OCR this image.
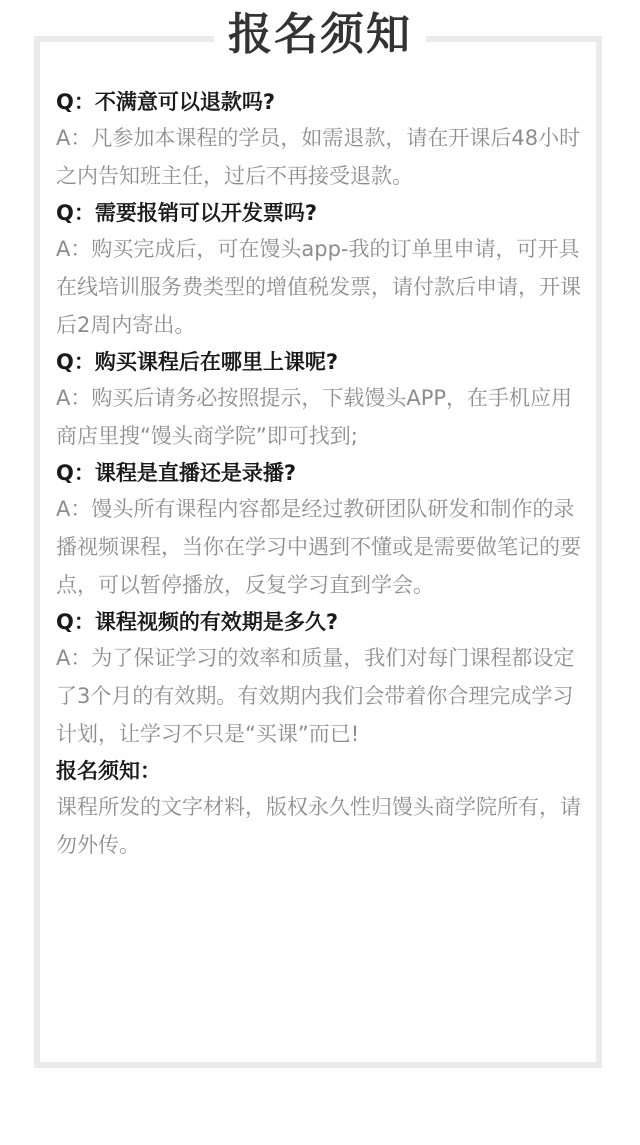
报名须知

Q：不满意可以退款吗?

A：凡参加本课程的学员，如需退款，请在开课后48小时之内告知班主任，过后不再接受退款。

Q：需要报销可以开发票吗?

A：购买完成后，可在馒头app-我的订单里申请，可开具在线培训服务费类型的增值税发票，请付款后申请，开课后2周内寄出。

Q：购买课程后在哪里上课呢?

A：购买后请务必按照提示，下载馒头APP，在手机应用商店里搜“馒头商学院”即可找到;

Q：课程是直播还是录播?

A：馒头所有课程内容都是经过教研团队研发和制作的录播视频课程，当你在学习中遇到不懂或是需要做笔记的要点，可以暂停播放，反复学习直到学会。

Q：课程视频的有效期是多久?

A：为了保证学习的效率和质量，我们对每门课程都设定了3个月的有效期。有效期内我们会带着你合理完成学习计划，让学习不只是“买课”而已!

报名须知：

课程所发的文字材料，版权永久性归馒头商学院所有，请勿外传。
